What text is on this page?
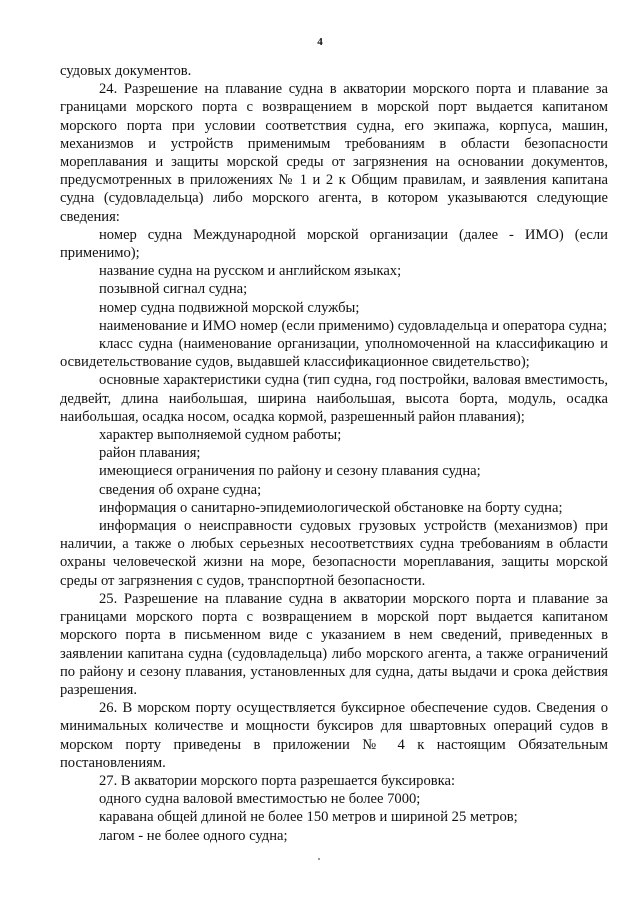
4

судовых документов.

24. Разрешение на плавание судна в акватории морского порта и плавание за границами морского порта с возвращением в морской порт выдается капитаном морского порта при условии соответствия судна, его экипажа, корпуса, машин, механизмов и устройств применимым требованиям в области безопасности мореплавания и защиты морской среды от загрязнения на основании документов, предусмотренных в приложениях № 1 и 2 к Общим правилам, и заявления капитана судна (судовладельца) либо морского агента, в котором указываются следующие сведения:

номер судна Международной морской организации (далее - ИМО) (если применимо);

название судна на русском и английском языках;

позывной сигнал судна;

номер судна подвижной морской службы;

наименование и ИМО номер (если применимо) судовладельца и оператора судна;

класс судна (наименование организации, уполномоченной на классификацию и освидетельствование судов, выдавшей классификационное свидетельство);

основные характеристики судна (тип судна, год постройки, валовая вместимость, дедвейт, длина наибольшая, ширина наибольшая, высота борта, модуль, осадка наибольшая, осадка носом, осадка кормой, разрешенный район плавания);

характер выполняемой судном работы;

район плавания;

имеющиеся ограничения по району и сезону плавания судна;

сведения об охране судна;

информация о санитарно-эпидемиологической обстановке на борту судна;

информация о неисправности судовых грузовых устройств (механизмов) при наличии, а также о любых серьезных несоответствиях судна требованиям в области охраны человеческой жизни на море, безопасности мореплавания, защиты морской среды от загрязнения с судов, транспортной безопасности.

25. Разрешение на плавание судна в акватории морского порта и плавание за границами морского порта с возвращением в морской порт выдается капитаном морского порта в письменном виде с указанием в нем сведений, приведенных в заявлении капитана судна (судовладельца) либо морского агента, а также ограничений по району и сезону плавания, установленных для судна, даты выдачи и срока действия разрешения.

26. В морском порту осуществляется буксирное обеспечение судов. Сведения о минимальных количестве и мощности буксиров для швартовных операций судов в морском порту приведены в приложении № 4 к настоящим Обязательным постановлениям.

27. В акватории морского порта разрешается буксировка:

одного судна валовой вместимостью не более 7000;

каравана общей длиной не более 150 метров и шириной 25 метров;

лагом - не более одного судна;
